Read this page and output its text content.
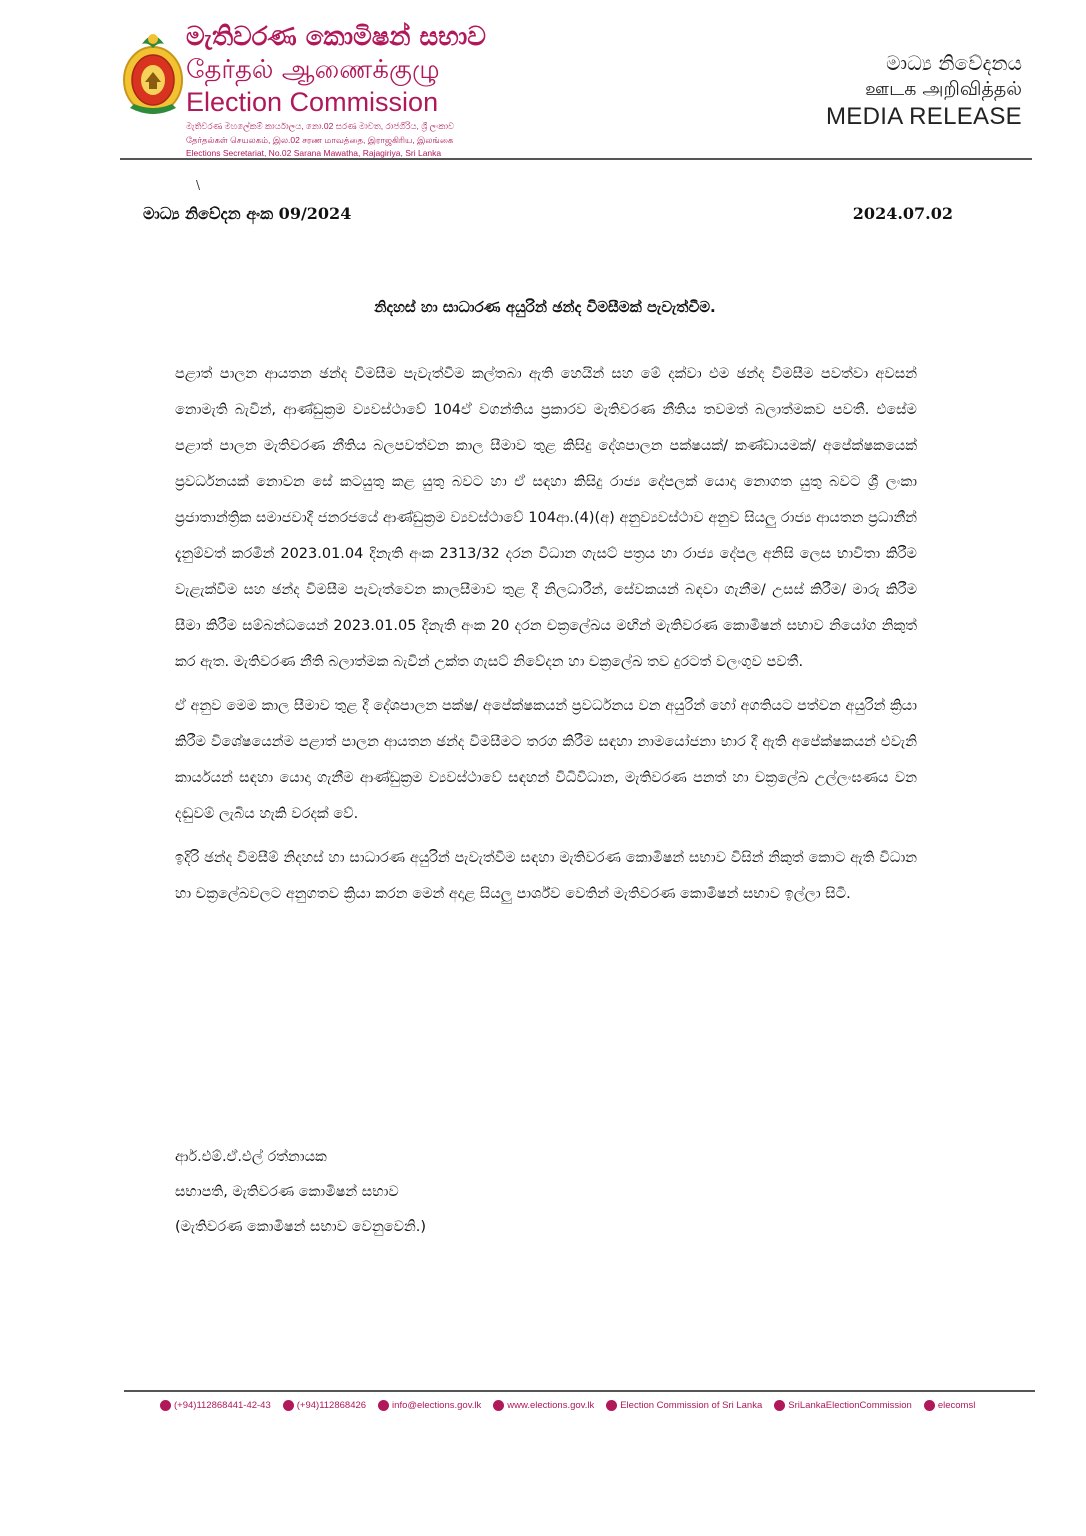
මැතිවරණ කොමිෂන් සභාව
தேர்தல் ஆணைக்குழு
Election Commission
මැතිවරණ මහලේකම් කාර්යාලය, නො.02 සරණ මාවත, රාජගිරිය, ශ්‍රී ලංකාව
தேர்தல்கள் செயலகம், இல.02 சரண மாவத்தை, இராஜகிரிய, இலங்கை
Elections Secretariat, No.02 Sarana Mawatha, Rajagiriya, Sri Lanka
මාධ්‍ය නිවේදනය
ஊடக அறிவித்தல்
MEDIA RELEASE
\
මාධ්‍ය නිවේදන අංක 09/2024	2024.07.02
නිදහස් හා සාධාරණ අයුරින් ඡන්ද විමසීමක් පැවැත්වීම.

පළාත් පාලන ආයතන ඡන්ද විමසීම පැවැත්වීම කල්තබා ඇති හෙයින් සහ මේ දක්වා එම ඡන්ද විමසීම පවත්වා අවසන් නොමැති බැවින්, ආණ්ඩුක්‍රම ව්‍යවස්ථාවේ 104ඒ වගන්තිය ප්‍රකාරව මැතිවරණ නීතිය තවමත් බලාත්මකව පවතී. එසේම පළාත් පාලන මැතිවරණ නීතිය බලපවත්වන කාල සීමාව තුළ කිසිදු දේශපාලන පක්ෂයක්/ කණ්ඩායමක්/ අපේක්ෂකයෙක් ප්‍රවර්ධනයක් නොවන සේ කටයුතු කළ යුතු බවට හා ඒ සඳහා කිසිදු රාජ්‍ය දේපලක් යොදා නොගත යුතු බවට ශ්‍රී ලංකා ප්‍රජාතාන්ත්‍රික සමාජවාදී ජනරජයේ ආණ්ඩුක්‍රම ව්‍යවස්ථාවේ 104ආ.(4)(අ) අනුව්‍යවස්ථාව අනුව සියලු රාජ්‍ය ආයතන ප්‍රධානීන් දැනුම්වත් කරමින් 2023.01.04 දිනැති අංක 2313/32 දරන විධාන ගැසට් පත්‍රය හා රාජ්‍ය දේපල අනිසි ලෙස භාවිතා කිරීම වැළැක්වීම සහ ඡන්ද විමසීම පැවැත්වෙන කාලසීමාව තුළ දී නිලධාරීන්, සේවකයන් බඳවා ගැනීම/ උසස් කිරීම/ මාරු කිරීම සීමා කිරීම සම්බන්ධයෙන් 2023.01.05 දිනැති අංක 20 දරන චක්‍රලේඛය මඟින් මැතිවරණ කොමිෂන් සභාව නියෝග නිකුත් කර ඇත. මැතිවරණ නීති බලාත්මක බැවින් උක්ත ගැසට් නිවේදන හා චක්‍රලේඛ තව දුරටත් වලංගුව පවතී.

ඒ අනුව මෙම කාල සීමාව තුළ දී දේශපාලන පක්ෂ/ අපේක්ෂකයන් ප්‍රවර්ධනය වන අයුරින් හෝ අගතියට පත්වන අයුරින් ක්‍රියා කිරීම විශේෂයෙන්ම පළාත් පාලන ආයතන ඡන්ද විමසීමට තරග කිරීම සඳහා නාමයෝජනා භාර දී ඇති අපේක්ෂකයන් එවැනි කාර්යයන් සඳහා යොදා ගැනීම ආණ්ඩුක්‍රම ව්‍යවස්ථාවේ සඳහන් විධිවිධාන, මැතිවරණ පනත් හා චක්‍රලේඛ උල්ලංඝණය වන දඬුවම් ලැබිය හැකි වරදක් වේ.

ඉදිරි ඡන්ද විමසීම් නිදහස් හා සාධාරණ අයුරින් පැවැත්වීම සඳහා මැතිවරණ කොමිෂන් සභාව විසින් නිකුත් කොට ඇති විධාන හා චක්‍රලේඛවලට අනුගතව ක්‍රියා කරන මෙන් අදාළ සියලු පාර්ශ්ව වෙතින් මැතිවරණ කොමිෂන් සභාව ඉල්ලා සිටී.

ආර්.එම්.ඒ.එල් රත්නායක
සභාපති, මැතිවරණ කොමිෂන් සභාව
(මැතිවරණ කොමිෂන් සභාව වෙනුවෙනි.)
(+94)112868441-42-43	(+94)112868426	info@elections.gov.lk	www.elections.gov.lk	Election Commission of Sri Lanka	SriLankaElectionCommission	elecomsl
